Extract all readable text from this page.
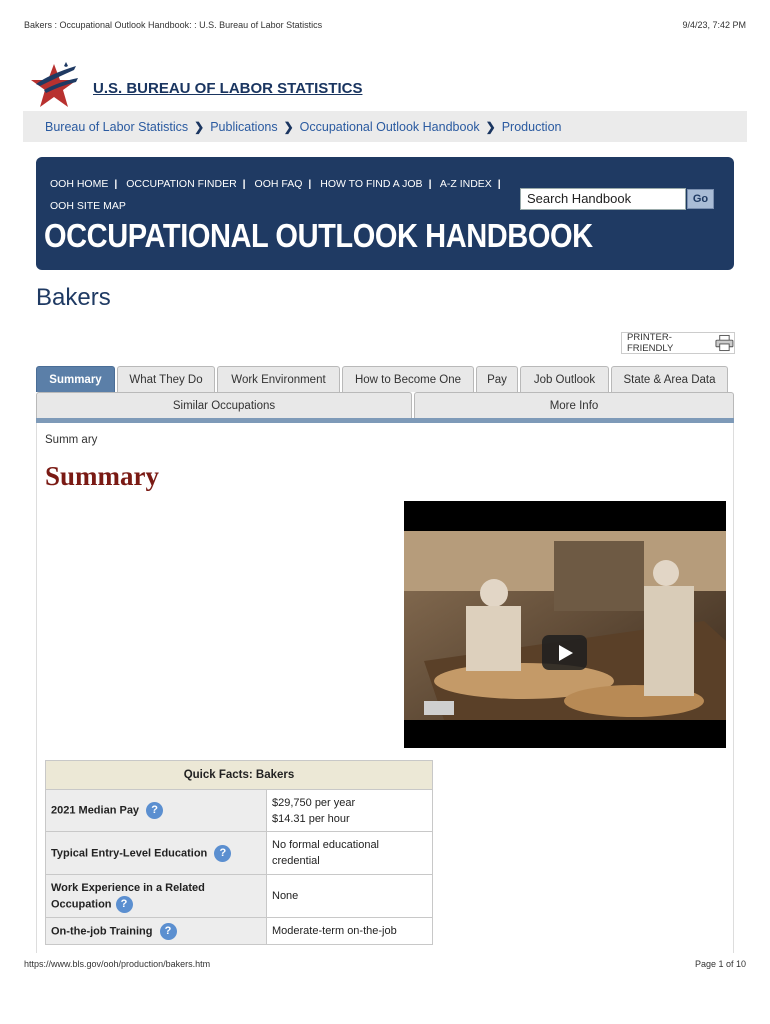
Bakers : Occupational Outlook Handbook: : U.S. Bureau of Labor Statistics	9/4/23, 7:42 PM
U.S. BUREAU OF LABOR STATISTICS
Bureau of Labor Statistics ❯ Publications ❯ Occupational Outlook Handbook ❯ Production
OOH HOME | OCCUPATION FINDER | OOH FAQ | HOW TO FIND A JOB | A-Z INDEX |
OOH SITE MAP	Search Handbook	Go
OCCUPATIONAL OUTLOOK HANDBOOK
Bakers
PRINTER-FRIENDLY
Summary	What They Do	Work Environment	How to Become One	Pay	Job Outlook	State & Area Data
Similar Occupations	More Info
Summ ary
Summary
Quick Facts: Bakers	
2021 Median Pay ?	$29,750 per year
$14.31 per hour

Typical Entry-Level Education ?	No formal educational
credential

Work Experience in a Related
Occupation ?	None

On-the-job Training ?	Moderate-term on-the-job
https://www.bls.gov/ooh/production/bakers.htm	Page 1 of 10
